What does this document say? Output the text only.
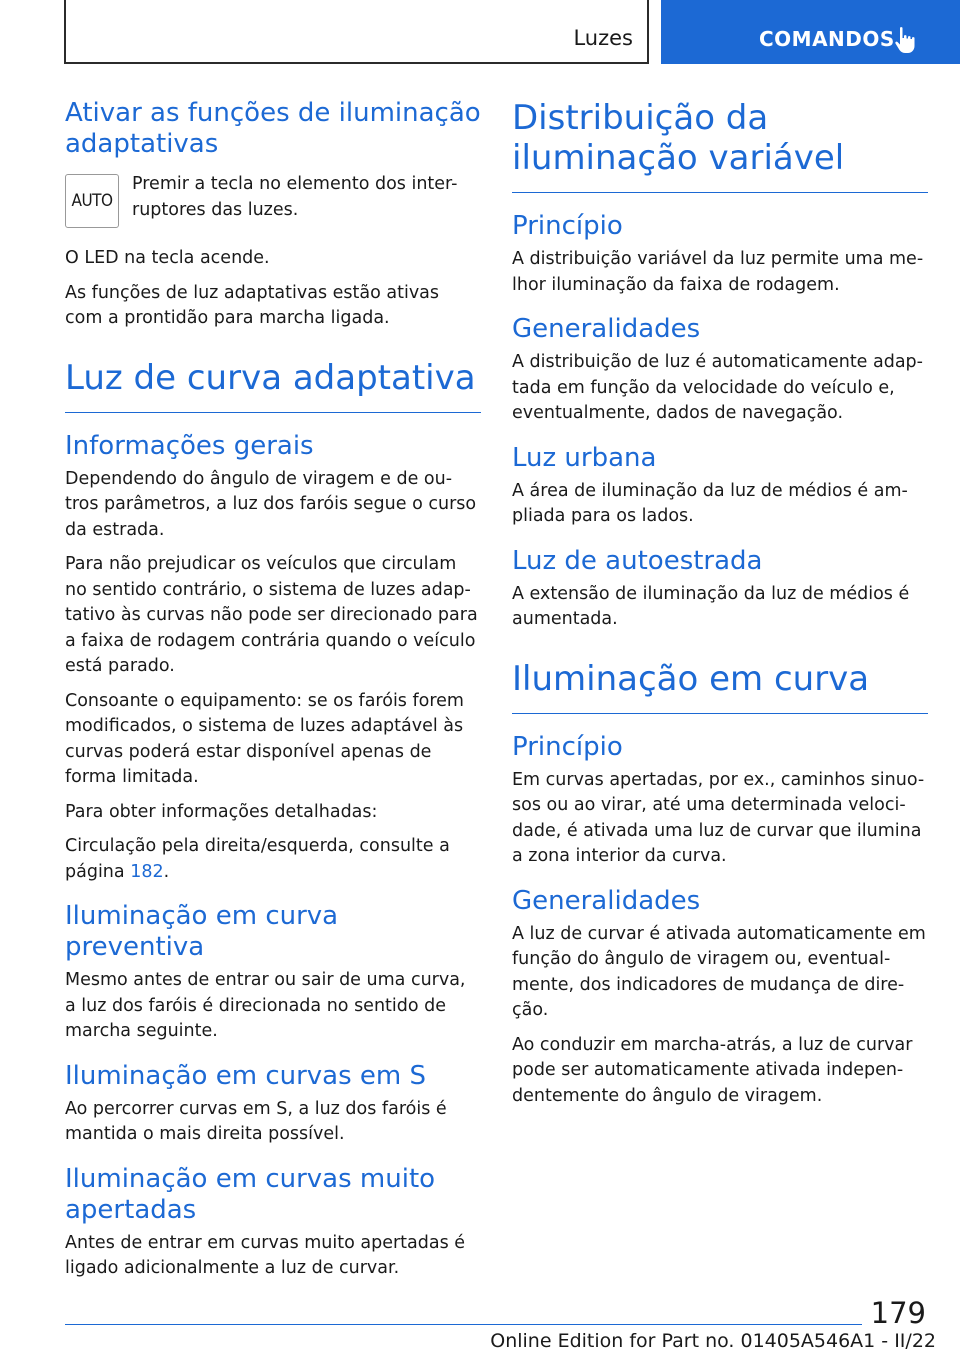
Luzes	COMANDOS
Ativar as funções de iluminação adaptativas
AUTO

Premir a tecla no elemento dos inter-ruptores das luzes.

O LED na tecla acende.

As funções de luz adaptativas estão ativas com a prontidão para marcha ligada.

Luz de curva adaptativa
Informações gerais

Dependendo do ângulo de viragem e de ou-tros parâmetros, a luz dos faróis segue o curso da estrada.

Para não prejudicar os veículos que circulam no sentido contrário, o sistema de luzes adap-tativo às curvas não pode ser direcionado para a faixa de rodagem contrária quando o veículo está parado.

Consoante o equipamento: se os faróis forem modificados, o sistema de luzes adaptável às curvas poderá estar disponível apenas de forma limitada.

Para obter informações detalhadas:

Circulação pela direita/esquerda, consulte a página 182.

Iluminação em curva preventiva

Mesmo antes de entrar ou sair de uma curva, a luz dos faróis é direcionada no sentido de marcha seguinte.

Iluminação em curvas em S

Ao percorrer curvas em S, a luz dos faróis é mantida o mais direita possível.

Iluminação em curvas muito apertadas

Antes de entrar em curvas muito apertadas é ligado adicionalmente a luz de curvar.

Distribuição da iluminação variável
Princípio

A distribuição variável da luz permite uma me-lhor iluminação da faixa de rodagem.

Generalidades

A distribuição de luz é automaticamente adap-tada em função da velocidade do veículo e, eventualmente, dados de navegação.

Luz urbana

A área de iluminação da luz de médios é am-pliada para os lados.

Luz de autoestrada

A extensão de iluminação da luz de médios é aumentada.

Iluminação em curva
Princípio

Em curvas apertadas, por ex., caminhos sinuo-sos ou ao virar, até uma determinada veloci-dade, é ativada uma luz de curvar que ilumina a zona interior da curva.

Generalidades

A luz de curvar é ativada automaticamente em função do ângulo de viragem ou, eventual-mente, dos indicadores de mudança de dire-ção.

Ao conduzir em marcha-atrás, a luz de curvar pode ser automaticamente ativada indepen-dentemente do ângulo de viragem.

179
Online Edition for Part no. 01405A546A1 - II/22
